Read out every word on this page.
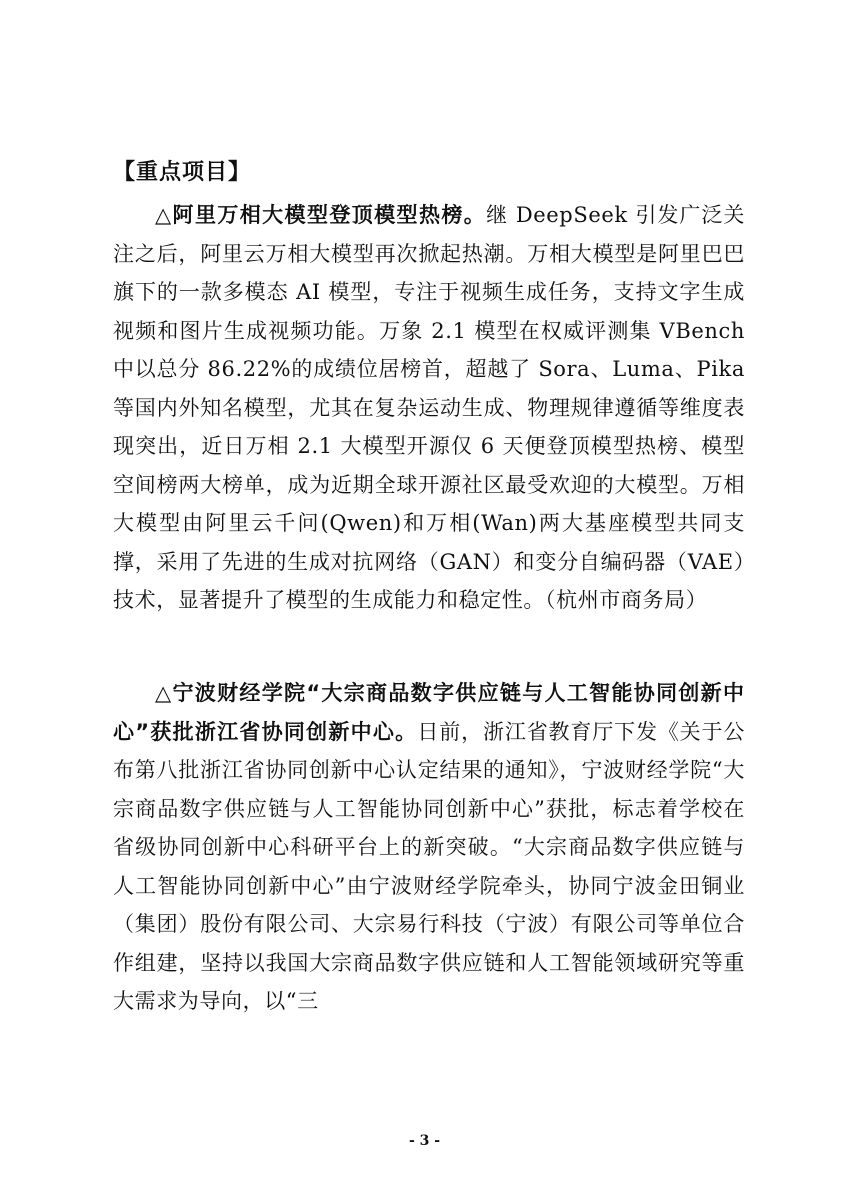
【重点项目】

△阿里万相大模型登顶模型热榜。继 DeepSeek 引发广泛关注之后，阿里云万相大模型再次掀起热潮。万相大模型是阿里巴巴旗下的一款多模态 AI 模型，专注于视频生成任务，支持文字生成视频和图片生成视频功能。万象 2.1 模型在权威评测集 VBench 中以总分 86.22%的成绩位居榜首，超越了 Sora、Luma、Pika 等国内外知名模型，尤其在复杂运动生成、物理规律遵循等维度表现突出，近日万相 2.1 大模型开源仅 6 天便登顶模型热榜、模型空间榜两大榜单，成为近期全球开源社区最受欢迎的大模型。万相大模型由阿里云千问(Qwen)和万相(Wan)两大基座模型共同支撑，采用了先进的生成对抗网络（GAN）和变分自编码器（VAE）技术，显著提升了模型的生成能力和稳定性。（杭州市商务局）

△宁波财经学院“大宗商品数字供应链与人工智能协同创新中心”获批浙江省协同创新中心。日前，浙江省教育厅下发《关于公布第八批浙江省协同创新中心认定结果的通知》，宁波财经学院“大宗商品数字供应链与人工智能协同创新中心”获批，标志着学校在省级协同创新中心科研平台上的新突破。“大宗商品数字供应链与人工智能协同创新中心”由宁波财经学院牵头，协同宁波金田铜业（集团）股份有限公司、大宗易行科技（宁波）有限公司等单位合作组建，坚持以我国大宗商品数字供应链和人工智能领域研究等重大需求为导向，以“三

- 3 -
